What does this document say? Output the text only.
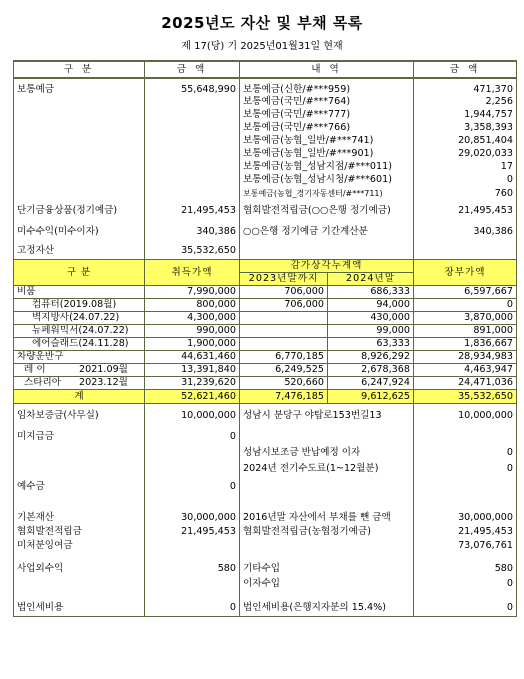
2025년도 자산 및 부채 목록
제 17(당) 기 2025년01월31일 현재
구 분	금 액	내 역		금 액
보통예금	55,648,990	보통예금(신한/#***959)		471,370
		보통예금(국민/#***764)		2,256
		보통예금(국민/#***777)		1,944,757
		보통예금(국민/#***766)		3,358,393
		보통예금(농협_일반/#***741)		20,851,404
		보통예금(농협_일반/#***901)		29,020,033
		보통예금(농협_성남지점/#***011)		17
		보통예금(농협_성남시청/#***601)		0
		보통예금(농협_경기자동센터/#***711)		760
단기금융상품(정기예금)	21,495,453	협회발전적립금(○○은행 정기예금)		21,495,453
미수수익(미수이자)	340,386	○○은행 정기예금 기간계산분		340,386
고정자산	35,532,650			
구 분	취득가액	감가상각누계액		장부가액
		2023년말까지	2024년말	
비품	7,990,000	706,000	686,333	6,597,667
컴퓨터(2019.08월)	800,000	706,000	94,000	0
벽지방사(24.07.22)	4,300,000		430,000	3,870,000
뉴페워믹서(24.07.22)	990,000		99,000	891,000
에어슬래드(24.11.28)	1,900,000		63,333	1,836,667
차량운반구	44,631,460	6,770,185	8,926,292	28,934,983
레 이 2021.09월	13,391,840	6,249,525	2,678,368	4,463,947
스타리아 2023.12월	31,239,620	520,660	6,247,924	24,471,036
계	52,621,460	7,476,185	9,612,625	35,532,650
임차보증금(사무실)	10,000,000	성남시 분당구 야탑로153번길13		10,000,000
미지급금	0			
		성남시보조금 반납예정 이자		0
		2024년 전기수도료(1~12월분)		0
예수금	0			

기본재산	30,000,000	2016년말 자산에서 부채를 뺀 금액		30,000,000
협회발전적립금	21,495,453	협회발전적립금(농협정기예금)		21,495,453
미처분잉여금				73,076,761

사업외수익	580	기타수입		580
		이자수입		0

법인세비용	0	법인세비용(은행지자분의 15.4%)		0
